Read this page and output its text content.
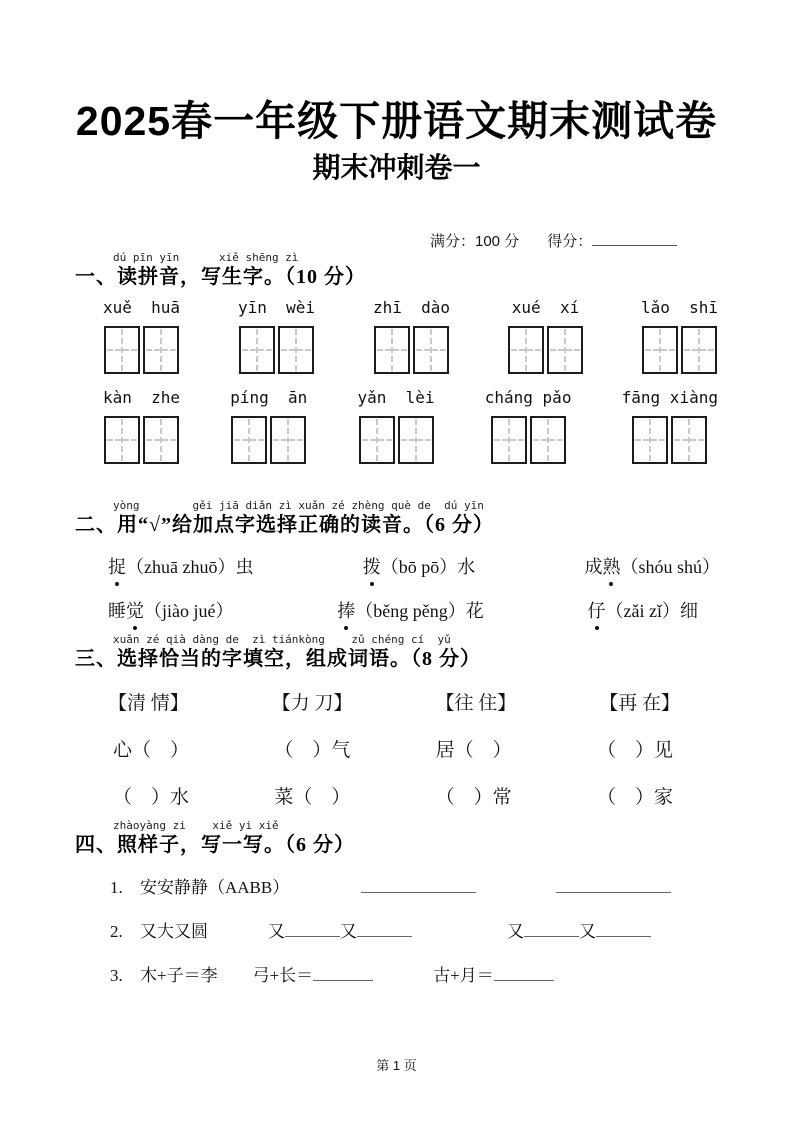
2025春一年级下册语文期末测试卷
期末冲刺卷一
满分：100 分 得分：
dú pīn yīn      xiě shēng zì
一、读拼音，写生字。（10 分）
xuě  huā	yīn  wèi	zhī  dào	xué  xí	lǎo  shī
kàn  zhe	píng  ān	yǎn  lèi	cháng pǎo	fāng xiàng
yòng        gěi jiā diǎn zì xuǎn zé zhèng què de  dú yīn
二、用“√”给加点字选择正确的读音。（6 分）
捉（zhuā zhuō）虫	拨（bō pō）水	成熟（shóu shú）
睡觉（jiào jué）	捧（běng pěng）花	仔（zǎi zǐ）细
xuǎn zé qià dàng de  zì tiánkòng    zǔ chéng cí  yǔ
三、选择恰当的字填空，组成词语。（8 分）
【清 情】	【力 刀】	【往 住】	【再 在】
心（　）	（　）气	居（　）	（　）见
（　）水	菜（　）	（　）常	（　）家
zhàoyàng zi    xiě yi xiě
四、照样子，写一写。（6 分）
1. 安安静静（AABB）
2. 又大又圆	又	又	又	又
3. 木+子＝李 弓+长＝	古+月＝
第 1 页
